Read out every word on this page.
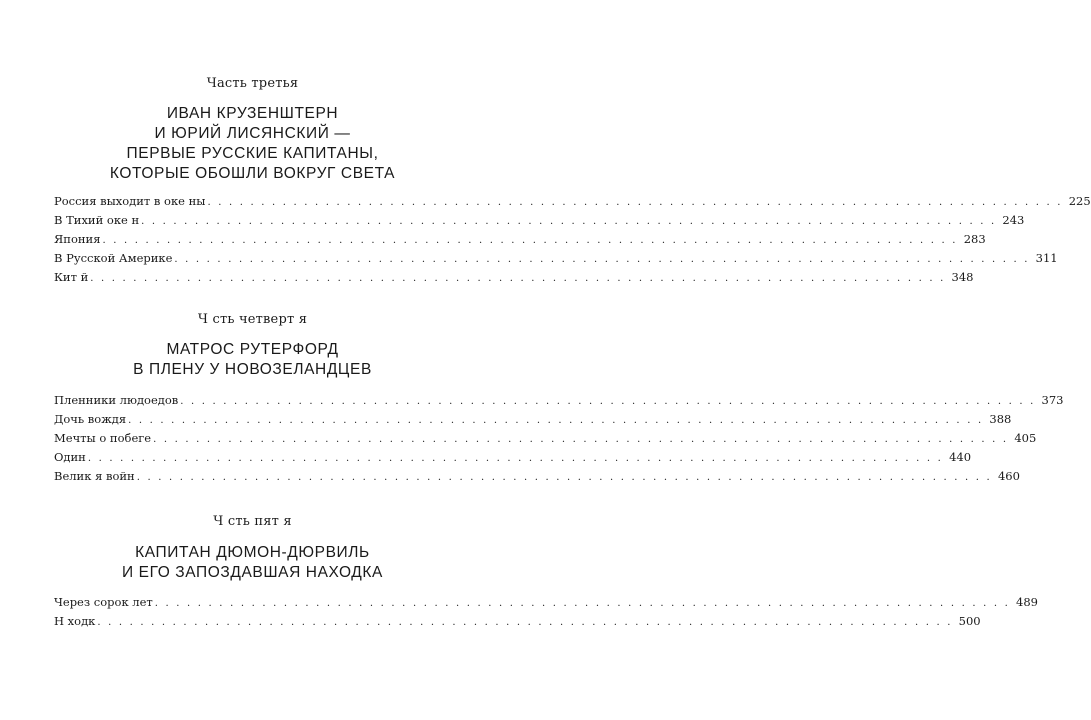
Часть третья
ИВАН КРУЗЕНШТЕРН
И ЮРИЙ ЛИСЯНСКИЙ —
ПЕРВЫЕ РУССКИЕ КАПИТАНЫ,
КОТОРЫЕ ОБОШЛИ ВОКРУГ СВЕТА
Россия выходит в оке ны . . . . . . . . . . . . . . . . . . . . . . . . . . . . . . . . . . . . . . . . . . . . . . . . . . . . . . . . . . . . . . . . . . . . . . . . . . . . . . . . 225
В Тихий оке н . . . . . . . . . . . . . . . . . . . . . . . . . . . . . . . . . . . . . . . . . . . . . . . . . . . . . . . . . . . . . . . . . . . . . . . . . . . . . . . . 243
Япония . . . . . . . . . . . . . . . . . . . . . . . . . . . . . . . . . . . . . . . . . . . . . . . . . . . . . . . . . . . . . . . . . . . . . . . . . . . . . . . . 283
В Русской Америке . . . . . . . . . . . . . . . . . . . . . . . . . . . . . . . . . . . . . . . . . . . . . . . . . . . . . . . . . . . . . . . . . . . . . . . . . . . . . . . . 311
Кит й . . . . . . . . . . . . . . . . . . . . . . . . . . . . . . . . . . . . . . . . . . . . . . . . . . . . . . . . . . . . . . . . . . . . . . . . . . . . . . . . 348
Ч сть четверт я
МАТРОС РУТЕРФОРД
В ПЛЕНУ У НОВОЗЕЛАНДЦЕВ
Пленники людоедов . . . . . . . . . . . . . . . . . . . . . . . . . . . . . . . . . . . . . . . . . . . . . . . . . . . . . . . . . . . . . . . . . . . . . . . . . . . . . . . . 373
Дочь вождя . . . . . . . . . . . . . . . . . . . . . . . . . . . . . . . . . . . . . . . . . . . . . . . . . . . . . . . . . . . . . . . . . . . . . . . . . . . . . . . . 388
Мечты о побеге . . . . . . . . . . . . . . . . . . . . . . . . . . . . . . . . . . . . . . . . . . . . . . . . . . . . . . . . . . . . . . . . . . . . . . . . . . . . . . . . 405
Один . . . . . . . . . . . . . . . . . . . . . . . . . . . . . . . . . . . . . . . . . . . . . . . . . . . . . . . . . . . . . . . . . . . . . . . . . . . . . . . . 440
Велик я войн . . . . . . . . . . . . . . . . . . . . . . . . . . . . . . . . . . . . . . . . . . . . . . . . . . . . . . . . . . . . . . . . . . . . . . . . . . . . . . . . 460
Ч сть пят я
КАПИТАН ДЮМОН-ДЮРВИЛЬ
И ЕГО ЗАПОЗДАВШАЯ НАХОДКА
Через сорок лет . . . . . . . . . . . . . . . . . . . . . . . . . . . . . . . . . . . . . . . . . . . . . . . . . . . . . . . . . . . . . . . . . . . . . . . . . . . . . . . . 489
Н ходк . . . . . . . . . . . . . . . . . . . . . . . . . . . . . . . . . . . . . . . . . . . . . . . . . . . . . . . . . . . . . . . . . . . . . . . . . . . . . . . . 500
